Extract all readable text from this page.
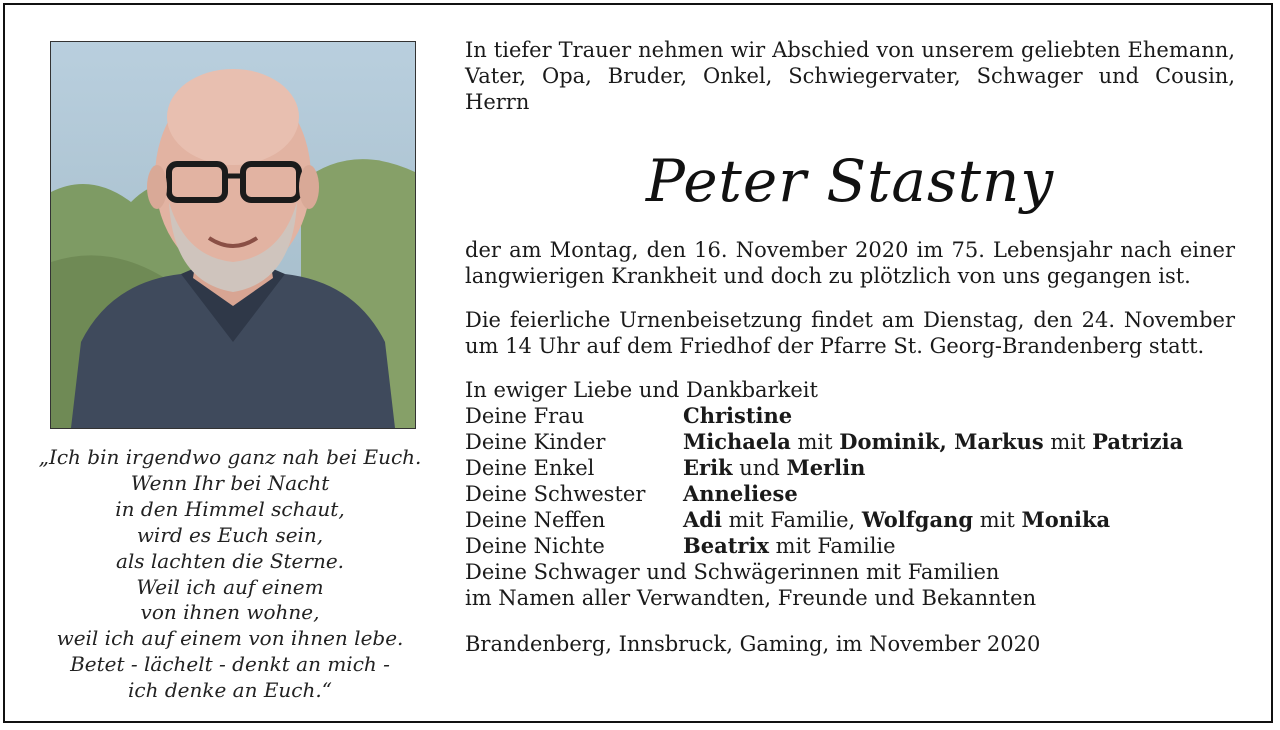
„Ich bin irgendwo ganz nah bei Euch.
Wenn Ihr bei Nacht
in den Himmel schaut,
wird es Euch sein,
als lachten die Sterne.
Weil ich auf einem
von ihnen wohne,
weil ich auf einem von ihnen lebe.
Betet - lächelt - denkt an mich -
ich denke an Euch.“
In tiefer Trauer nehmen wir Abschied von unserem geliebten Ehemann, Vater, Opa, Bruder, Onkel, Schwiegervater, Schwager und Cousin, Herrn
Peter Stastny
der am Montag, den 16. November 2020 im 75. Lebensjahr nach einer langwierigen Krankheit und doch zu plötzlich von uns gegangen ist.
Die feierliche Urnenbeisetzung findet am Dienstag, den 24. November um 14 Uhr auf dem Friedhof der Pfarre St. Georg-Brandenberg statt.
In ewiger Liebe und Dankbarkeit
Deine Frau	Christine
Deine Kinder	Michaela mit Dominik, Markus mit Patrizia
Deine Enkel	Erik und Merlin
Deine Schwester	Anneliese
Deine Neffen	Adi mit Familie, Wolfgang mit Monika
Deine Nichte	Beatrix mit Familie
Deine Schwager und Schwägerinnen mit Familien
im Namen aller Verwandten, Freunde und Bekannten
Brandenberg, Innsbruck, Gaming, im November 2020
